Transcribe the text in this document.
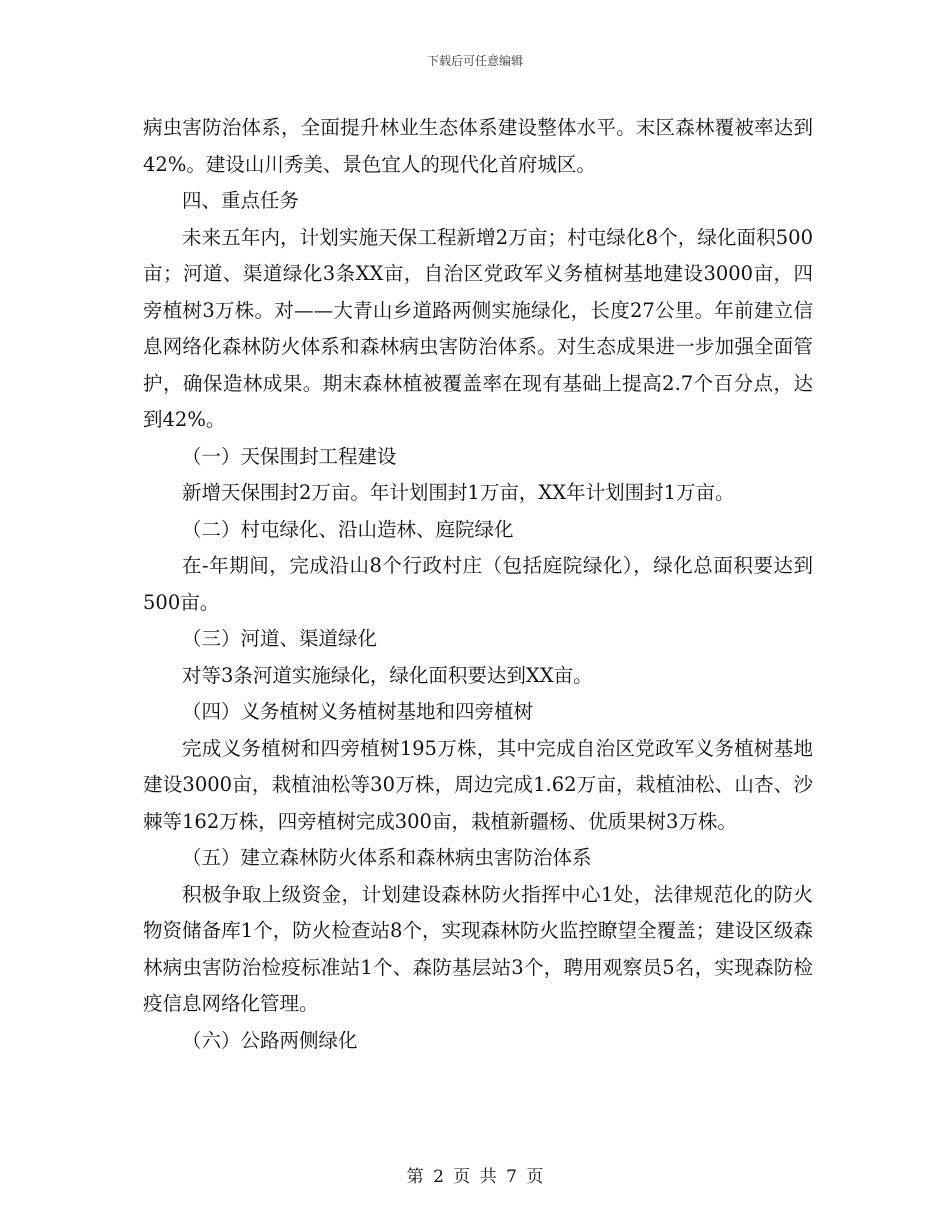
下载后可任意编辑

病虫害防治体系，全面提升林业生态体系建设整体水平。末区森林覆被率达到42%。建设山川秀美、景色宜人的现代化首府城区。

四、重点任务

未来五年内，计划实施天保工程新增2万亩；村屯绿化8个，绿化面积500亩；河道、渠道绿化3条XX亩，自治区党政军义务植树基地建设3000亩，四旁植树3万株。对——大青山乡道路两侧实施绿化，长度27公里。年前建立信息网络化森林防火体系和森林病虫害防治体系。对生态成果进一步加强全面管护，确保造林成果。期末森林植被覆盖率在现有基础上提高2.7个百分点，达到42%。

（一）天保围封工程建设

新增天保围封2万亩。年计划围封1万亩，XX年计划围封1万亩。

（二）村屯绿化、沿山造林、庭院绿化

在-年期间，完成沿山8个行政村庄（包括庭院绿化），绿化总面积要达到500亩。

（三）河道、渠道绿化

对等3条河道实施绿化，绿化面积要达到XX亩。

（四）义务植树义务植树基地和四旁植树

完成义务植树和四旁植树195万株，其中完成自治区党政军义务植树基地建设3000亩，栽植油松等30万株，周边完成1.62万亩，栽植油松、山杏、沙棘等162万株，四旁植树完成300亩，栽植新疆杨、优质果树3万株。

（五）建立森林防火体系和森林病虫害防治体系

积极争取上级资金，计划建设森林防火指挥中心1处，法律规范化的防火物资储备库1个，防火检查站8个，实现森林防火监控瞭望全覆盖；建设区级森林病虫害防治检疫标准站1个、森防基层站3个，聘用观察员5名，实现森防检疫信息网络化管理。

（六）公路两侧绿化

第 2 页 共 7 页
